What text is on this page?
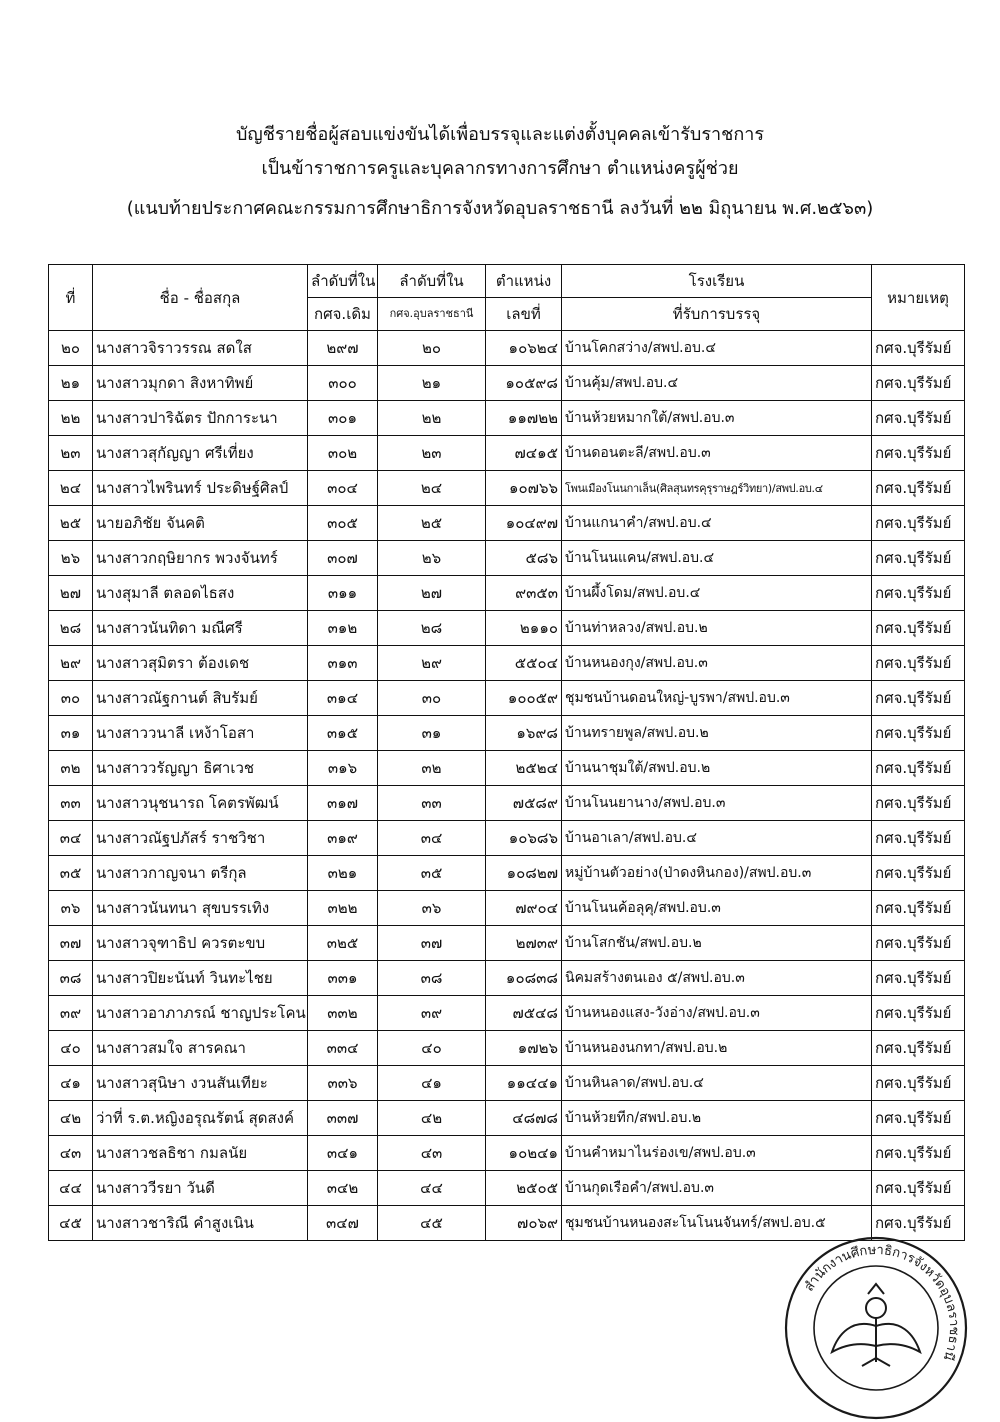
บัญชีรายชื่อผู้สอบแข่งขันได้เพื่อบรรจุและแต่งตั้งบุคคลเข้ารับราชการ
เป็นข้าราชการครูและบุคลากรทางการศึกษา ตำแหน่งครูผู้ช่วย
(แนบท้ายประกาศคณะกรรมการศึกษาธิการจังหวัดอุบลราชธานี ลงวันที่ ๒๒ มิถุนายน พ.ศ.๒๕๖๓)
ที่	ชื่อ - ชื่อสกุล	ลำดับที่ใน	ลำดับที่ใน	ตำแหน่ง	โรงเรียน	หมายเหตุ
		กศจ.เดิม	กศจ.อุบลราชธานี	เลขที่	ที่รับการบรรจุ	
๒๐	นางสาวจิราวรรณ สดใส	๒๙๗	๒๐	๑๐๖๒๔	บ้านโคกสว่าง/สพป.อบ.๔	กศจ.บุรีรัมย์
๒๑	นางสาวมุกดา สิงหาทิพย์	๓๐๐	๒๑	๑๐๕๙๘	บ้านคุ้ม/สพป.อบ.๔	กศจ.บุรีรัมย์
๒๒	นางสาวปาริฉัตร ปักการะนา	๓๐๑	๒๒	๑๑๗๒๒	บ้านห้วยหมากใต้/สพป.อบ.๓	กศจ.บุรีรัมย์
๒๓	นางสาวสุกัญญา ศรีเที่ยง	๓๐๒	๒๓	๗๔๑๕	บ้านดอนตะลี/สพป.อบ.๓	กศจ.บุรีรัมย์
๒๔	นางสาวไพรินทร์ ประดิษฐ์ศิลป์	๓๐๔	๒๔	๑๐๗๖๖	โพนเมืองโนนกาเล็น(ศิลสุนทรคุรุราษฎร์วิทยา)/สพป.อบ.๔	กศจ.บุรีรัมย์
๒๕	นายอภิชัย จันคติ	๓๐๕	๒๕	๑๐๔๙๗	บ้านแกนาคำ/สพป.อบ.๔	กศจ.บุรีรัมย์
๒๖	นางสาวกฤษิยากร พวงจันทร์	๓๐๗	๒๖	๕๘๖	บ้านโนนแคน/สพป.อบ.๔	กศจ.บุรีรัมย์
๒๗	นางสุมาลี ตลอดไธสง	๓๑๑	๒๗	๙๓๕๓	บ้านผึ้งโดม/สพป.อบ.๔	กศจ.บุรีรัมย์
๒๘	นางสาวนันทิดา มณีศรี	๓๑๒	๒๘	๒๑๑๐	บ้านท่าหลวง/สพป.อบ.๒	กศจ.บุรีรัมย์
๒๙	นางสาวสุมิตรา ต้องเดช	๓๑๓	๒๙	๕๕๐๔	บ้านหนองกุง/สพป.อบ.๓	กศจ.บุรีรัมย์
๓๐	นางสาวณัฐกานต์ สิบรัมย์	๓๑๔	๓๐	๑๐๐๕๙	ชุมชนบ้านดอนใหญ่-บูรพา/สพป.อบ.๓	กศจ.บุรีรัมย์
๓๑	นางสาววนาลี เหง้าโอสา	๓๑๕	๓๑	๑๖๙๘	บ้านทรายพูล/สพป.อบ.๒	กศจ.บุรีรัมย์
๓๒	นางสาววรัญญา ธิศาเวช	๓๑๖	๓๒	๒๕๒๔	บ้านนาชุมใต้/สพป.อบ.๒	กศจ.บุรีรัมย์
๓๓	นางสาวนุชนารถ โคตรพัฒน์	๓๑๗	๓๓	๗๕๘๙	บ้านโนนยานาง/สพป.อบ.๓	กศจ.บุรีรัมย์
๓๔	นางสาวณัฐปภัสร์ ราชวิชา	๓๑๙	๓๔	๑๐๖๘๖	บ้านอาเลา/สพป.อบ.๔	กศจ.บุรีรัมย์
๓๕	นางสาวกาญจนา ตรีกุล	๓๒๑	๓๕	๑๐๘๒๗	หมู่บ้านตัวอย่าง(ป่าดงหินกอง)/สพป.อบ.๓	กศจ.บุรีรัมย์
๓๖	นางสาวนันทนา สุขบรรเทิง	๓๒๒	๓๖	๗๙๐๔	บ้านโนนค้อลุคุ/สพป.อบ.๓	กศจ.บุรีรัมย์
๓๗	นางสาวจุฑาธิป ควรตะขบ	๓๒๕	๓๗	๒๗๓๙	บ้านโสกชัน/สพป.อบ.๒	กศจ.บุรีรัมย์
๓๘	นางสาวปิยะนันท์ วินทะไชย	๓๓๑	๓๘	๑๐๘๓๘	นิคมสร้างตนเอง ๕/สพป.อบ.๓	กศจ.บุรีรัมย์
๓๙	นางสาวอาภาภรณ์ ชาญประโคน	๓๓๒	๓๙	๗๕๔๘	บ้านหนองแสง-วังอ่าง/สพป.อบ.๓	กศจ.บุรีรัมย์
๔๐	นางสาวสมใจ สารคณา	๓๓๔	๔๐	๑๗๒๖	บ้านหนองนกทา/สพป.อบ.๒	กศจ.บุรีรัมย์
๔๑	นางสาวสุนิษา งวนสันเทียะ	๓๓๖	๔๑	๑๑๔๔๑	บ้านหินลาด/สพป.อบ.๔	กศจ.บุรีรัมย์
๔๒	ว่าที่ ร.ต.หญิงอรุณรัตน์ สุดสงค์	๓๓๗	๔๒	๔๘๗๘	บ้านห้วยทีก/สพป.อบ.๒	กศจ.บุรีรัมย์
๔๓	นางสาวชลธิชา กมลนัย	๓๔๑	๔๓	๑๐๒๔๑	บ้านคำหมาไนร่องเข/สพป.อบ.๓	กศจ.บุรีรัมย์
๔๔	นางสาววีรยา วันดี	๓๔๒	๔๔	๒๕๐๕	บ้านกุดเรือคำ/สพป.อบ.๓	กศจ.บุรีรัมย์
๔๕	นางสาวชาริณี คำสูงเนิน	๓๔๗	๔๕	๗๐๖๙	ชุมชนบ้านหนองสะโนโนนจันทร์/สพป.อบ.๕	กศจ.บุรีรัมย์
สำนักงานศึกษาธิการจังหวัดอุบลราชธานี
